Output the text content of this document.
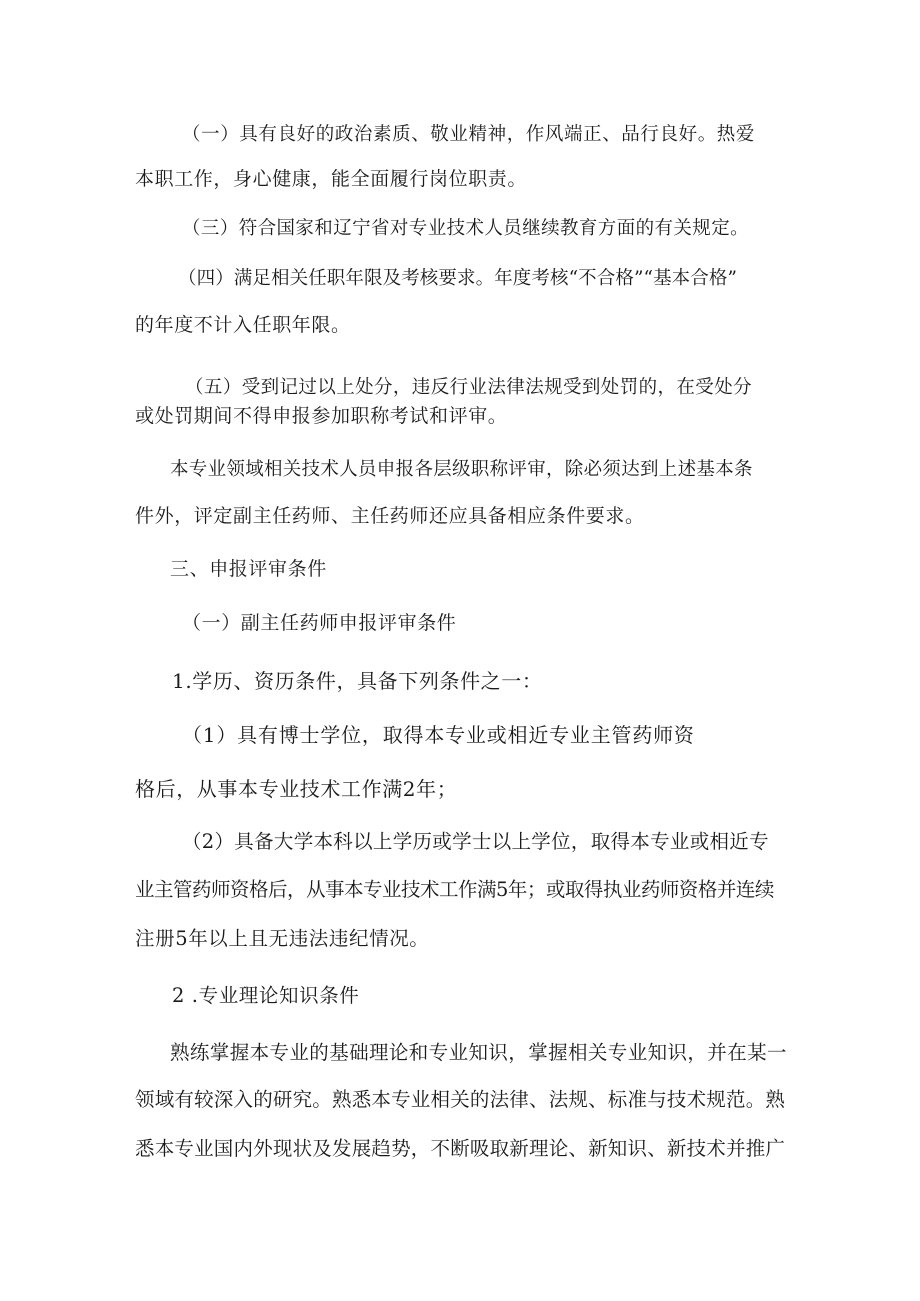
（一）具有良好的政治素质、敬业精神，作风端正、品行良好。热爱
本职工作，身心健康，能全面履行岗位职责。
（三）符合国家和辽宁省对专业技术人员继续教育方面的有关规定。
（四）满足相关任职年限及考核要求。年度考核“不合格”“基本合格”
的年度不计入任职年限。
（五）受到记过以上处分，违反行业法律法规受到处罚的，在受处分
或处罚期间不得申报参加职称考试和评审。
本专业领域相关技术人员申报各层级职称评审，除必须达到上述基本条
件外，评定副主任药师、主任药师还应具备相应条件要求。
三、申报评审条件
（一）副主任药师申报评审条件
1.学历、资历条件，具备下列条件之一：
（1）具有博士学位，取得本专业或相近专业主管药师资
格后，从事本专业技术工作满2年；
（2）具备大学本科以上学历或学士以上学位，取得本专业或相近专
业主管药师资格后，从事本专业技术工作满5年；或取得执业药师资格并连续
注册5年以上且无违法违纪情况。
2 .专业理论知识条件
熟练掌握本专业的基础理论和专业知识，掌握相关专业知识，并在某一
领域有较深入的研究。熟悉本专业相关的法律、法规、标准与技术规范。熟
悉本专业国内外现状及发展趋势，不断吸取新理论、新知识、新技术并推广
